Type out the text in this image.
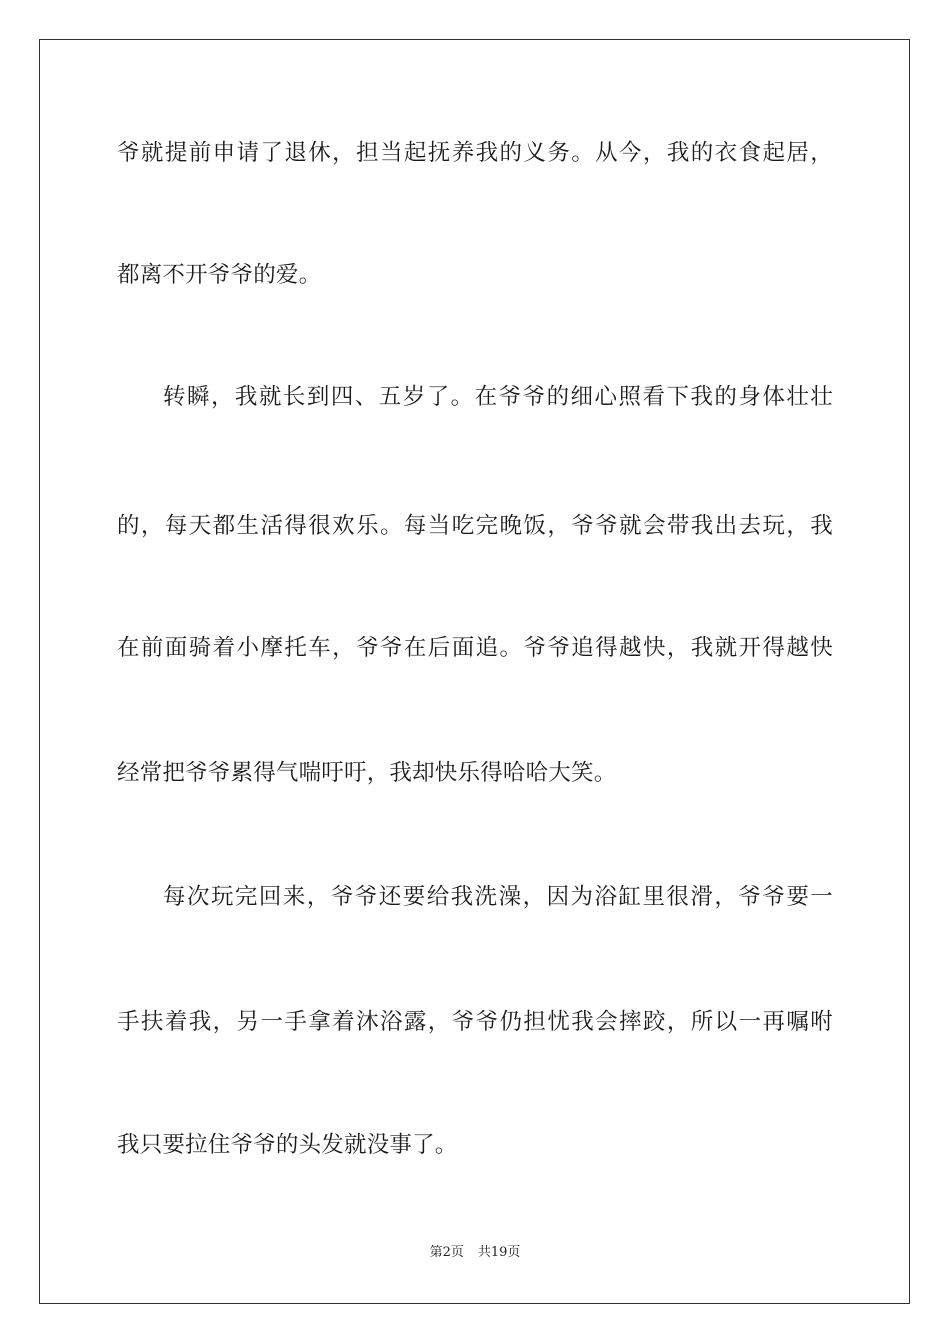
爷就提前申请了退休，担当起抚养我的义务。从今，我的衣食起居，
都离不开爷爷的爱。
转瞬，我就长到四、五岁了。在爷爷的细心照看下我的身体壮壮
的，每天都生活得很欢乐。每当吃完晚饭，爷爷就会带我出去玩，我
在前面骑着小摩托车，爷爷在后面追。爷爷追得越快，我就开得越快
经常把爷爷累得气喘吁吁，我却快乐得哈哈大笑。
每次玩完回来，爷爷还要给我洗澡，因为浴缸里很滑，爷爷要一
手扶着我，另一手拿着沐浴露，爷爷仍担忧我会摔跤，所以一再嘱咐
我只要拉住爷爷的头发就没事了。
第2页 共19页
